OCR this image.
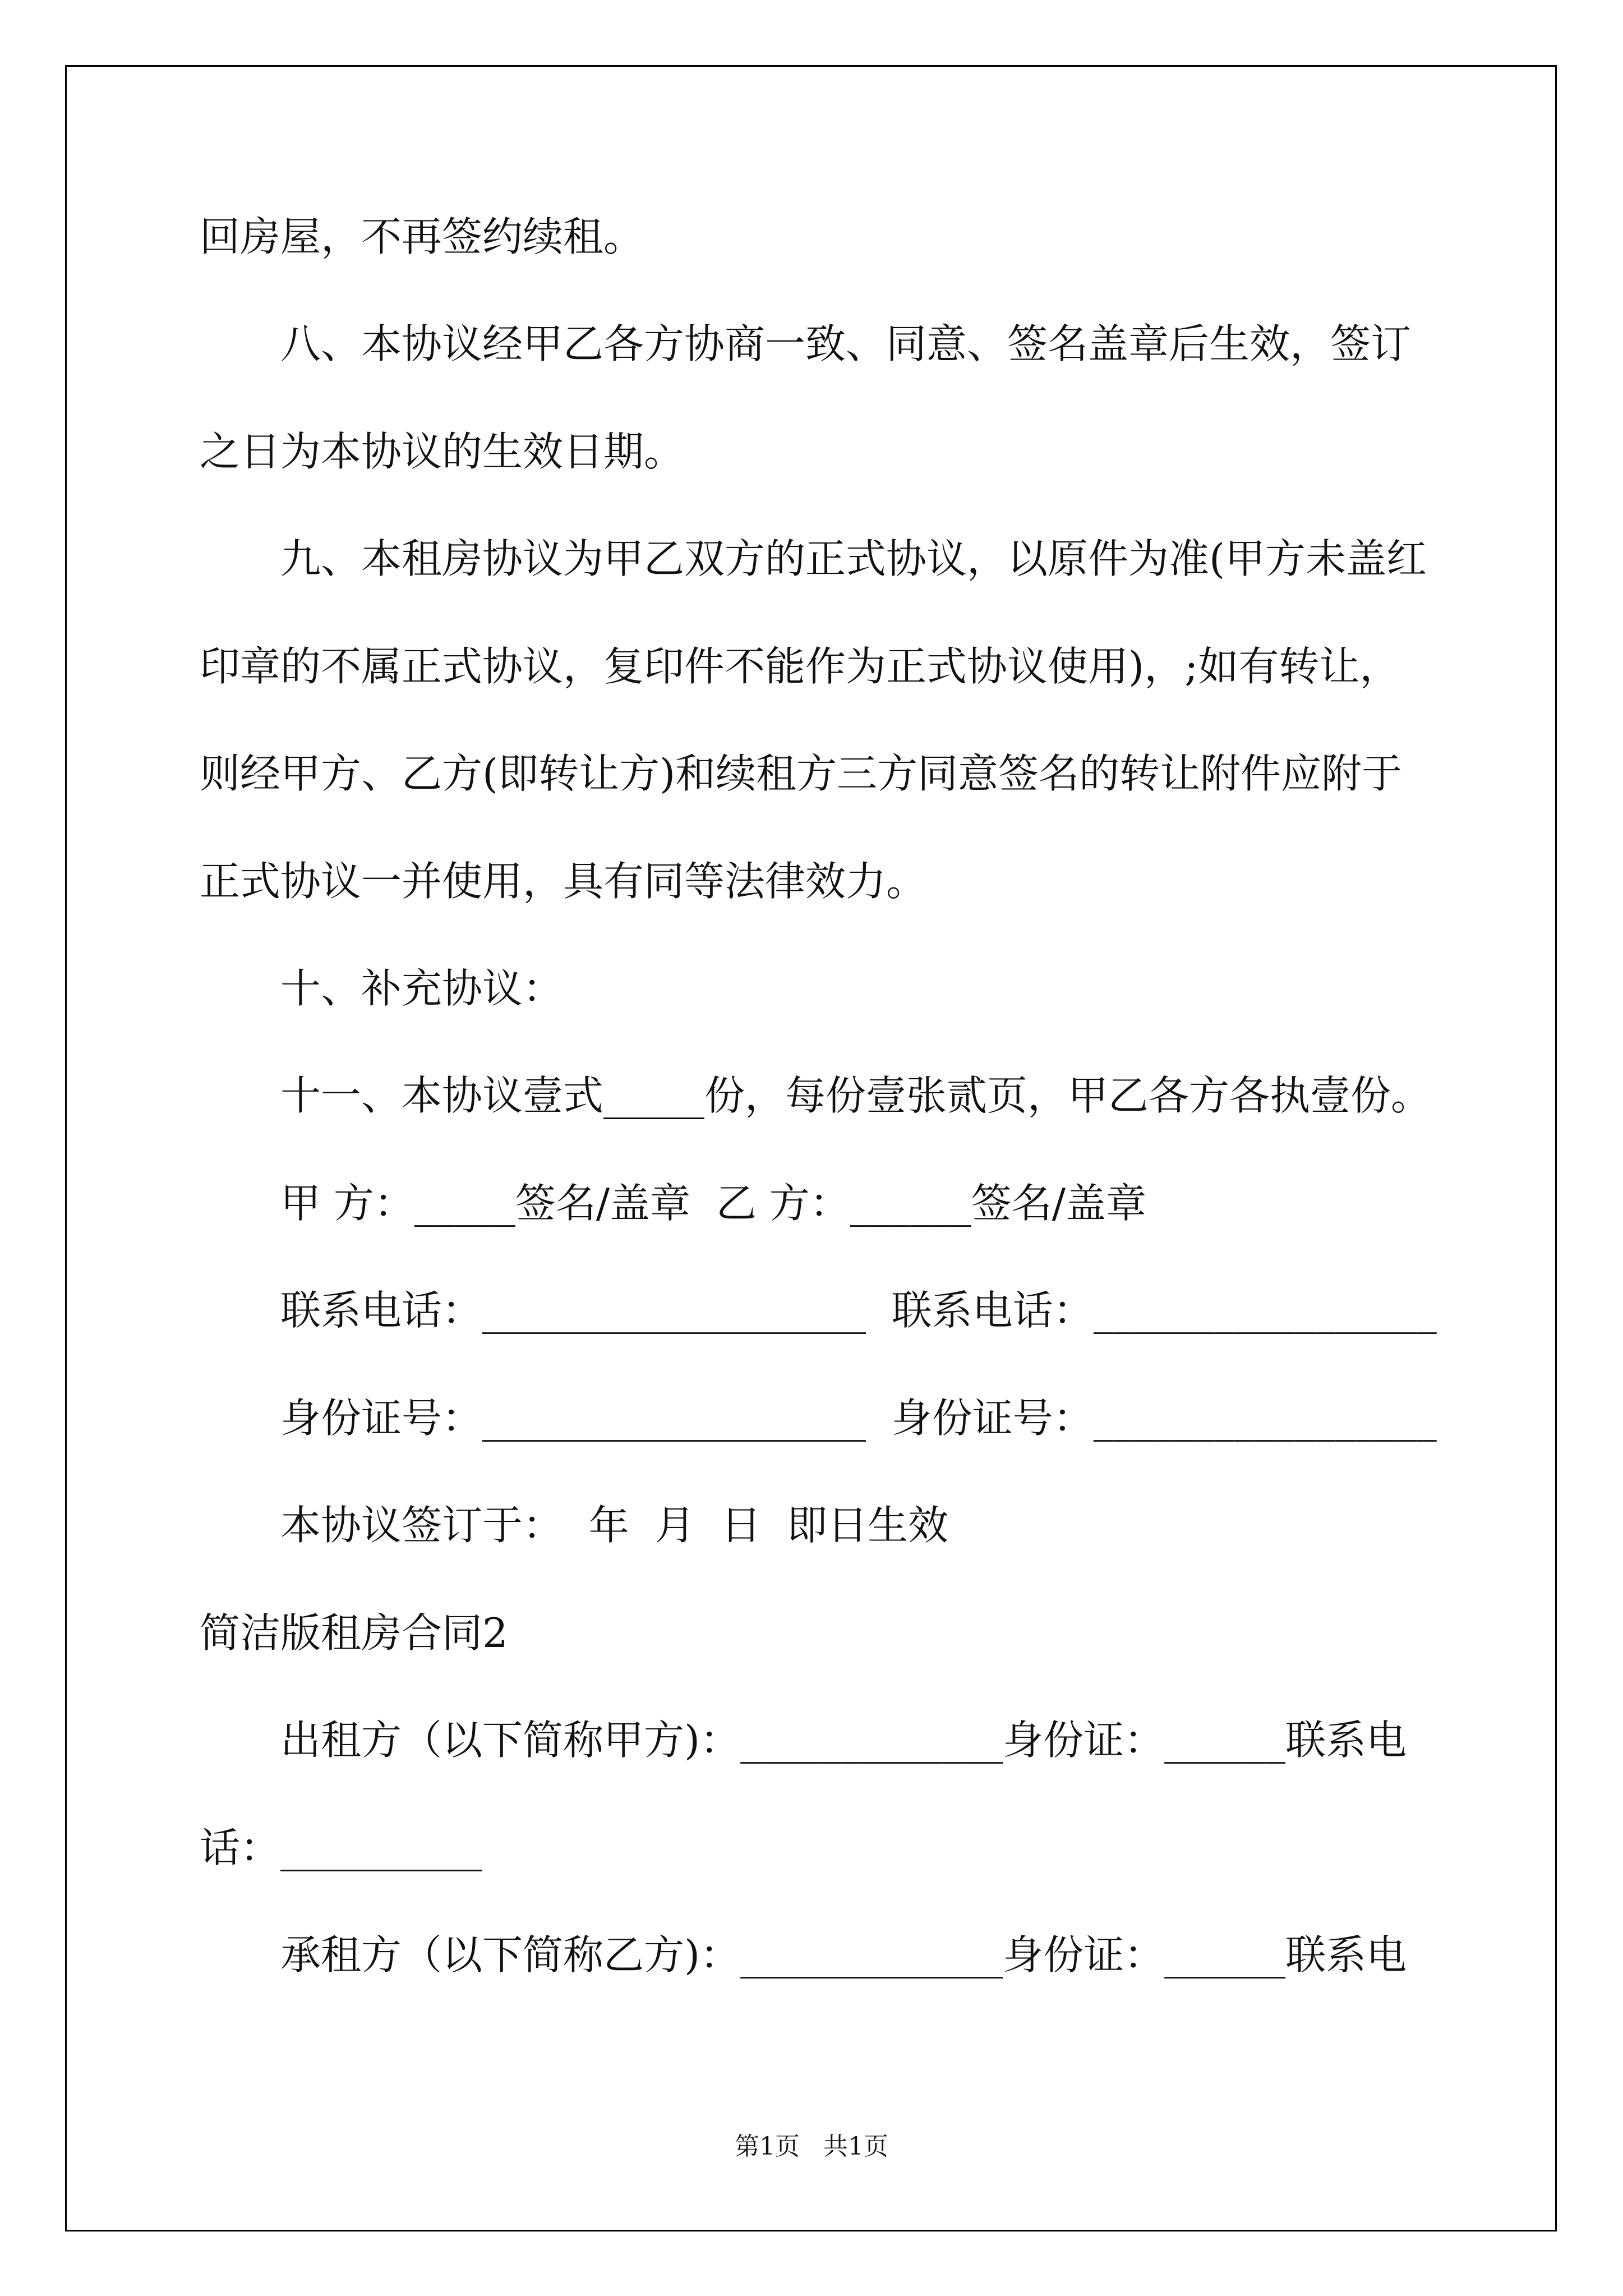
回房屋，不再签约续租。
八、本协议经甲乙各方协商一致、同意、签名盖章后生效，签订
之日为本协议的生效日期。
九、本租房协议为甲乙双方的正式协议，以原件为准(甲方未盖红
印章的不属正式协议，复印件不能作为正式协议使用)，;如有转让，
则经甲方、乙方(即转让方)和续租方三方同意签名的转让附件应附于
正式协议一并使用，具有同等法律效力。
十、补充协议：
十一、本协议壹式_____份，每份壹张贰页，甲乙各方各执壹份。
甲 方：_____签名/盖章  乙 方：______签名/盖章
联系电话：___________________  联系电话：_________________
身份证号：___________________  身份证号：_________________
本协议签订于：  年  月  日  即日生效
简洁版租房合同2
出租方（以下简称甲方)：_____________身份证：______联系电
话：__________
承租方（以下简称乙方)：_____________身份证：______联系电
第1页   共1页
